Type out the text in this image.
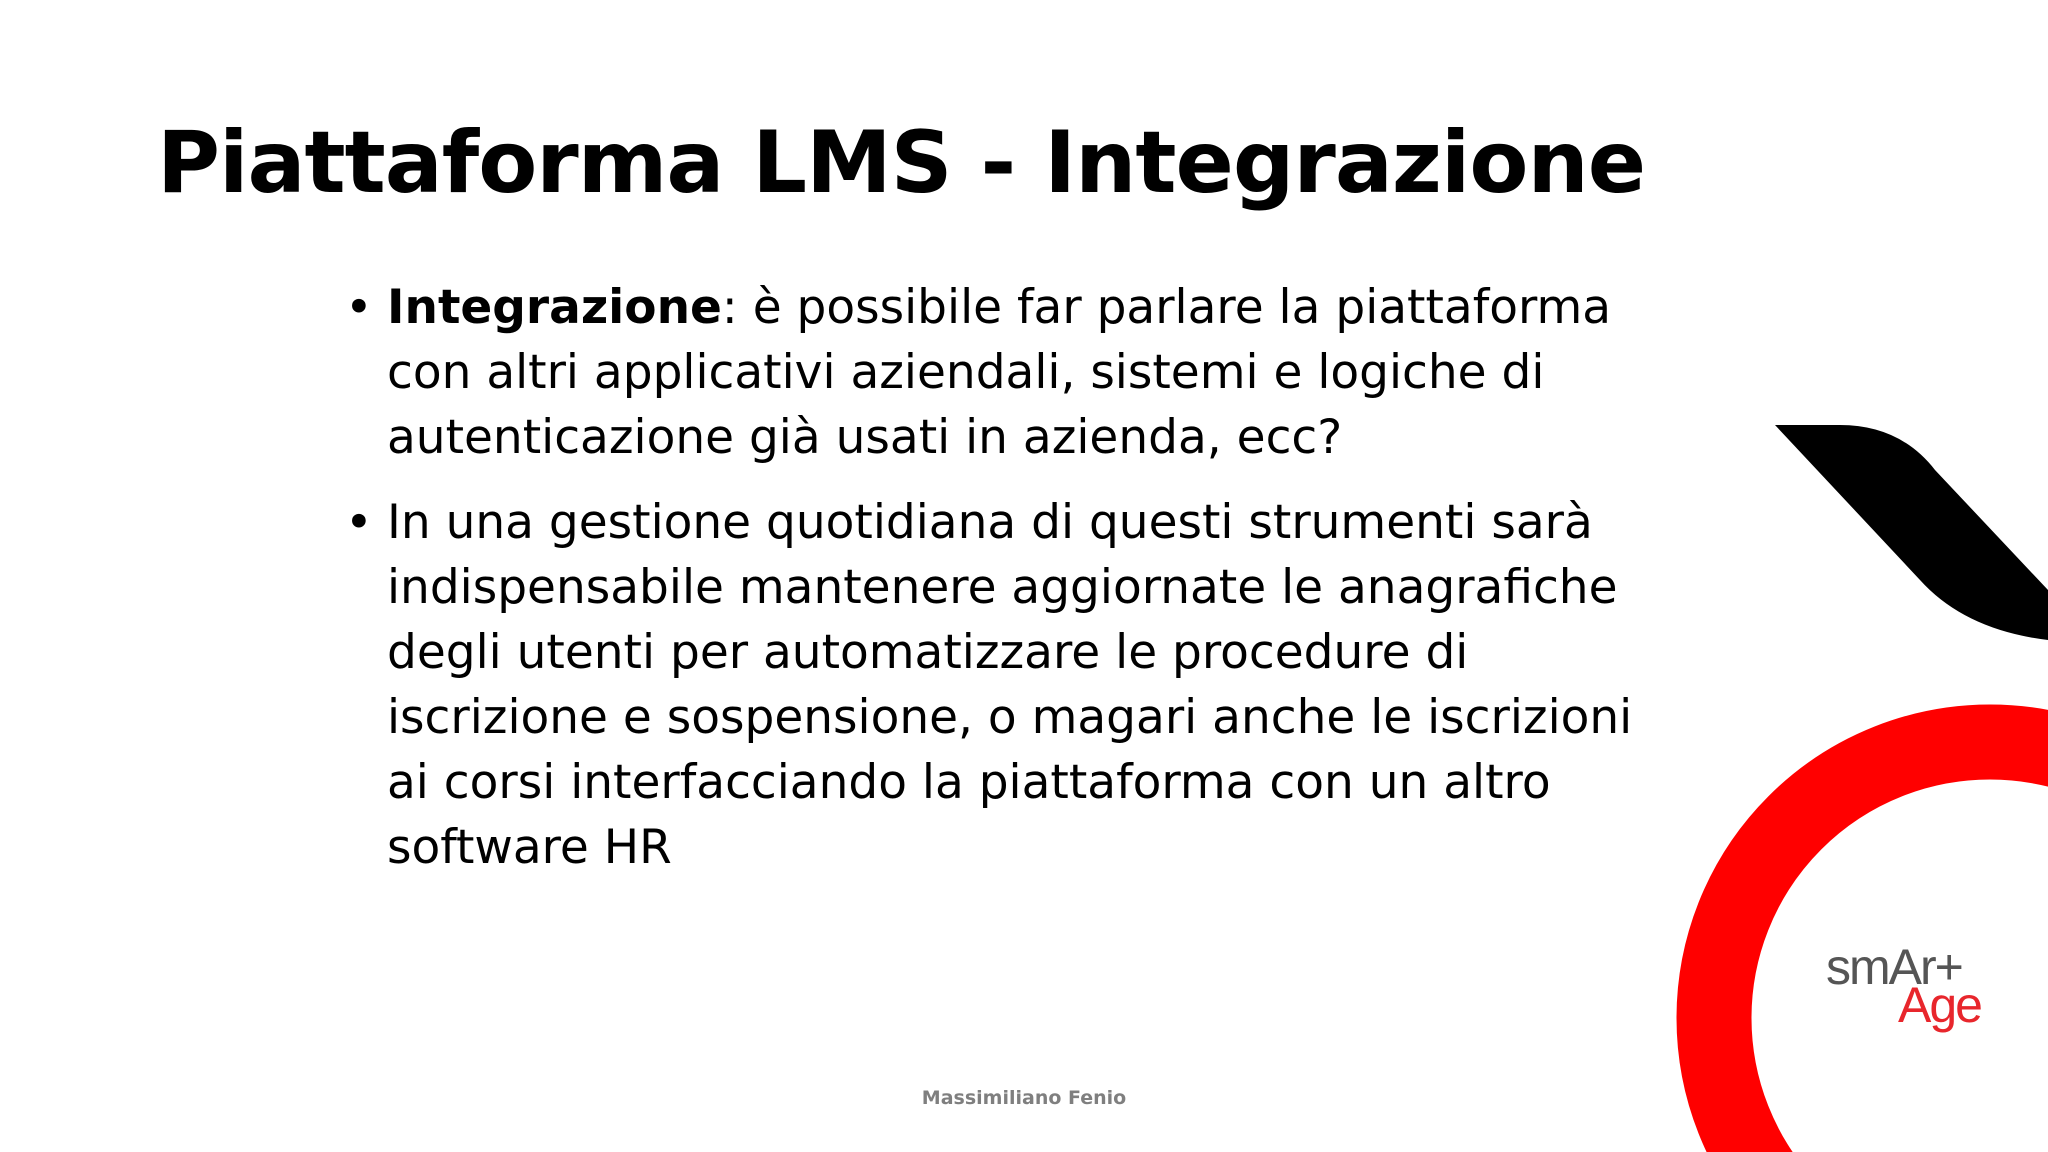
Piattaforma LMS - Integrazione
• Integrazione: è possibile far parlare la piattaforma con altri applicativi aziendali, sistemi e logiche di autenticazione già usati in azienda, ecc?
• In una gestione quotidiana di questi strumenti sarà indispensabile mantenere aggiornate le anagrafiche degli utenti per automatizzare le procedure di iscrizione e sospensione, o magari anche le iscrizioni ai corsi interfacciando la piattaforma con un altro software HR
smAr+
Age
Massimiliano Fenio
